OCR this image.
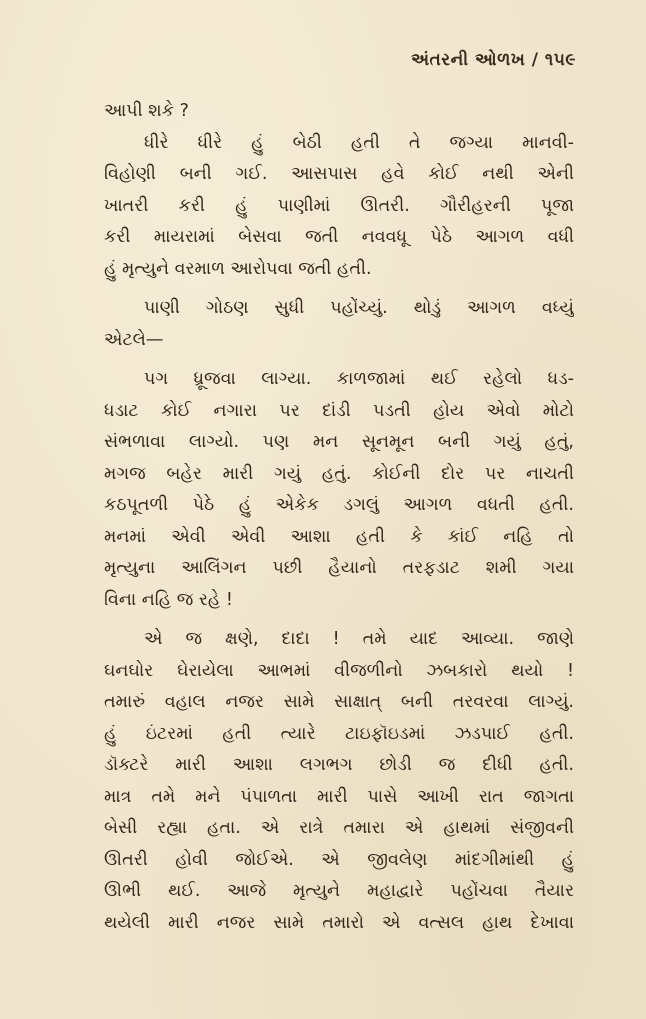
અંતરની ઓળખ / ૧૫૯

આપી શકે ?

ધીરે ધીરે હું બેઠી હતી તે જગ્યા માનવી-
વિહોણી બની ગઈ. આસપાસ હવે કોઈ નથી એની
ખાતરી કરી હું પાણીમાં ઊતરી. ગૌરીહરની પૂજા
કરી માયરામાં બેસવા જતી નવવધૂ પેઠે આગળ વધી
હું મૃત્યુને વરમાળ આરોપવા જતી હતી.

પાણી ગોઠણ સુધી પહોંચ્યું. થોડું આગળ વધ્યું
એટલે—

પગ ધ્રૂજવા લાગ્યા. કાળજામાં થઈ રહેલો ધડ-
ધડાટ કોઈ નગારા પર દાંડી પડતી હોય એવો મોટો
સંભળાવા લાગ્યો. પણ મન સૂનમૂન બની ગયું હતું,
મગજ બહેર મારી ગયું હતું. કોઈની દોર પર નાચતી
કઠપૂતળી પેઠે હું એકેક ડગલું આગળ વધતી હતી.
મનમાં એવી એવી આશા હતી કે કાંઈ નહિ તો
મૃત્યુના આલિંગન પછી હૈયાનો તરફડાટ શમી ગયા
વિના નહિ જ રહે !

એ જ ક્ષણે, દાદા ! તમે યાદ આવ્યા. જાણે
ઘનઘોર ઘેરાયેલા આભમાં વીજળીનો ઝબકારો થયો !
તમારું વહાલ નજર સામે સાક્ષાત્ બની તરવરવા લાગ્યું.
હું ઇંટરમાં હતી ત્યારે ટાઇફૉઇડમાં ઝડપાઈ હતી.
ડૉક્ટરે મારી આશા લગભગ છોડી જ દીધી હતી.
માત્ર તમે મને પંપાળતા મારી પાસે આખી રાત જાગતા
બેસી રહ્યા હતા. એ રાત્રે તમારા એ હાથમાં સંજીવની
ઊતરી હોવી જોઈએ. એ જીવલેણ માંદગીમાંથી હું
ઊભી થઈ. આજે મૃત્યુને મહાદ્વારે પહોંચવા તૈયાર
થયેલી મારી નજર સામે તમારો એ વત્સલ હાથ દેખાવા
